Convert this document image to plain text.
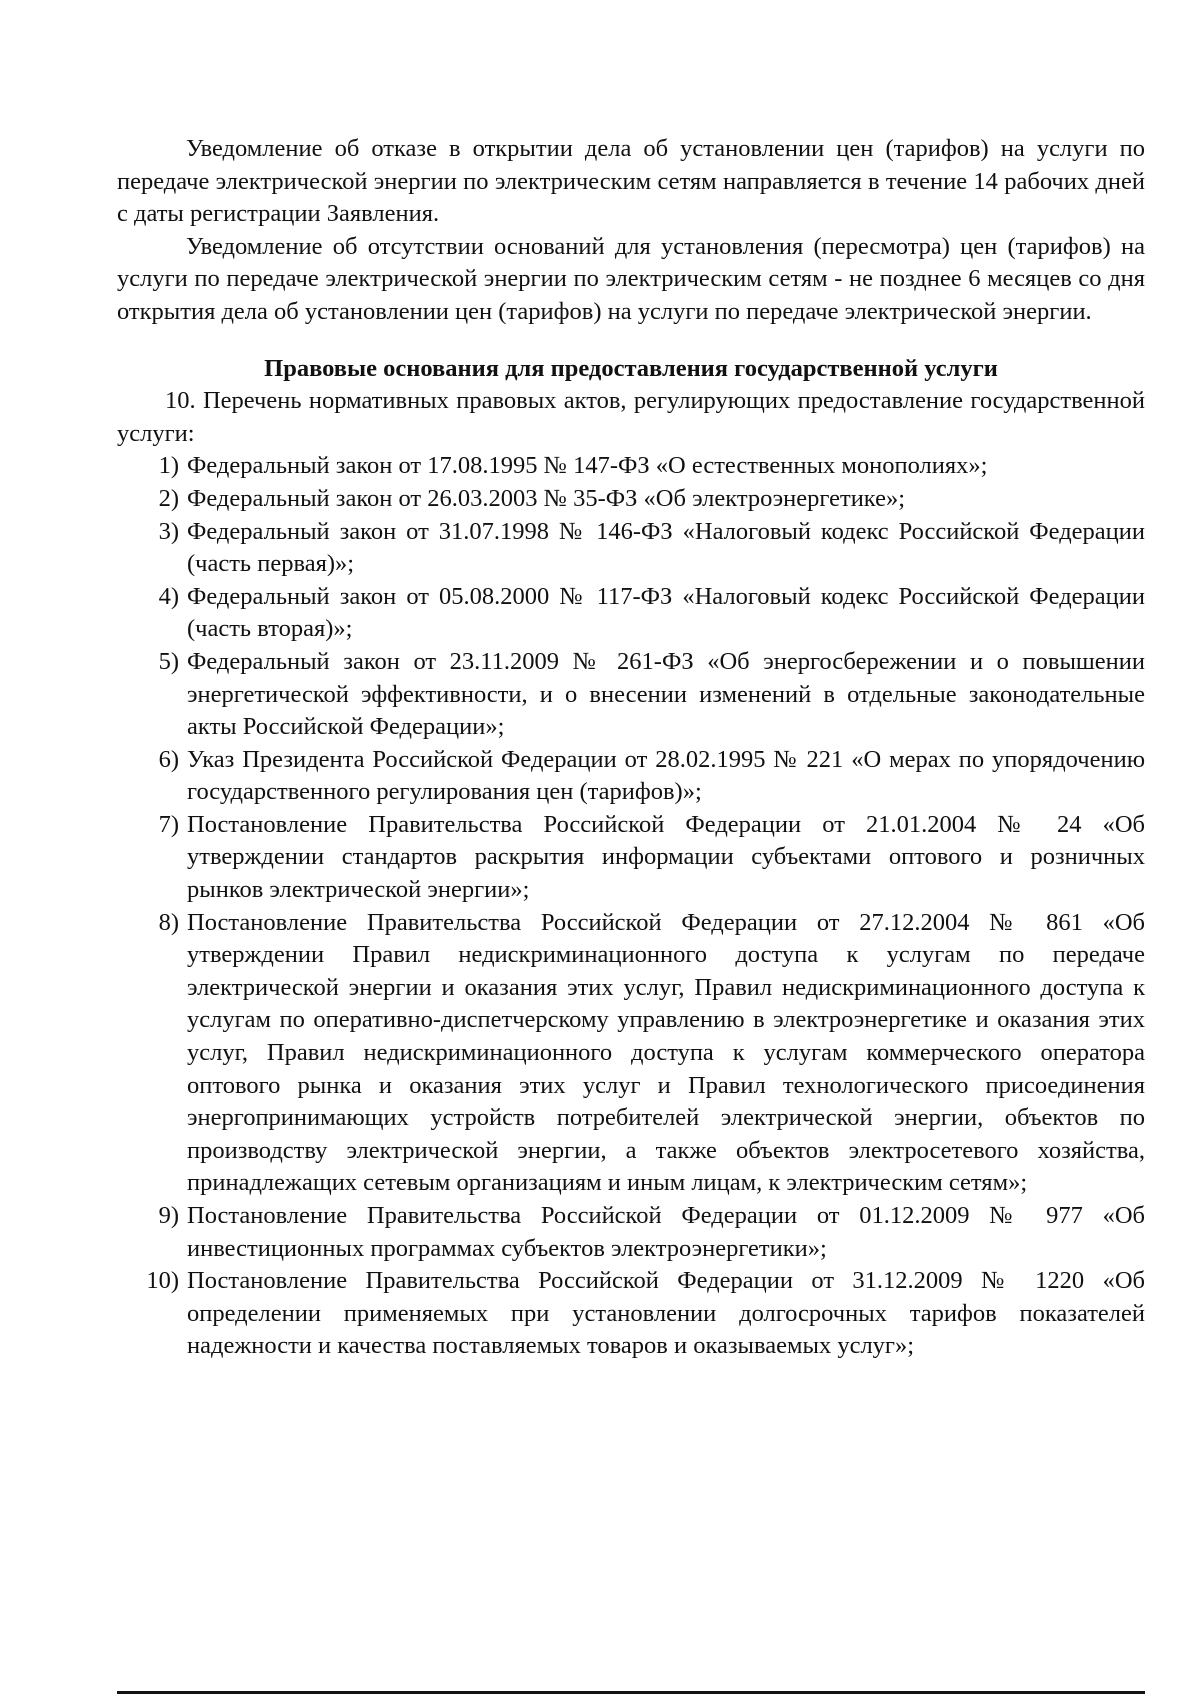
Уведомление об отказе в открытии дела об установлении цен (тарифов) на услуги по передаче электрической энергии по электрическим сетям направляется в течение 14 рабочих дней с даты регистрации Заявления.

Уведомление об отсутствии оснований для установления (пересмотра) цен (тарифов) на услуги по передаче электрической энергии по электрическим сетям - не позднее 6 месяцев со дня открытия дела об установлении цен (тарифов) на услуги по передаче электрической энергии.

Правовые основания для предоставления государственной услуги

10. Перечень нормативных правовых актов, регулирующих предоставление государственной услуги:

1) Федеральный закон от 17.08.1995 № 147-ФЗ «О естественных монополиях»;
2) Федеральный закон от 26.03.2003 № 35-ФЗ «Об электроэнергетике»;
3) Федеральный закон от 31.07.1998 № 146-ФЗ «Налоговый кодекс Российской Федерации (часть первая)»;
4) Федеральный закон от 05.08.2000 № 117-ФЗ «Налоговый кодекс Российской Федерации (часть вторая)»;
5) Федеральный закон от 23.11.2009 № 261-ФЗ «Об энергосбережении и о повышении энергетической эффективности, и о внесении изменений в отдельные законодательные акты Российской Федерации»;
6) Указ Президента Российской Федерации от 28.02.1995 № 221 «О мерах по упорядочению государственного регулирования цен (тарифов)»;
7) Постановление Правительства Российской Федерации от 21.01.2004 № 24 «Об утверждении стандартов раскрытия информации субъектами оптового и розничных рынков электрической энергии»;
8) Постановление Правительства Российской Федерации от 27.12.2004 № 861 «Об утверждении Правил недискриминационного доступа к услугам по передаче электрической энергии и оказания этих услуг, Правил недискриминационного доступа к услугам по оперативно-диспетчерскому управлению в электроэнергетике и оказания этих услуг, Правил недискриминационного доступа к услугам коммерческого оператора оптового рынка и оказания этих услуг и Правил технологического присоединения энергопринимающих устройств потребителей электрической энергии, объектов по производству электрической энергии, а также объектов электросетевого хозяйства, принадлежащих сетевым организациям и иным лицам, к электрическим сетям»;
9) Постановление Правительства Российской Федерации от 01.12.2009 № 977 «Об инвестиционных программах субъектов электроэнергетики»;
10) Постановление Правительства Российской Федерации от 31.12.2009 № 1220 «Об определении применяемых при установлении долгосрочных тарифов показателей надежности и качества поставляемых товаров и оказываемых услуг»;
